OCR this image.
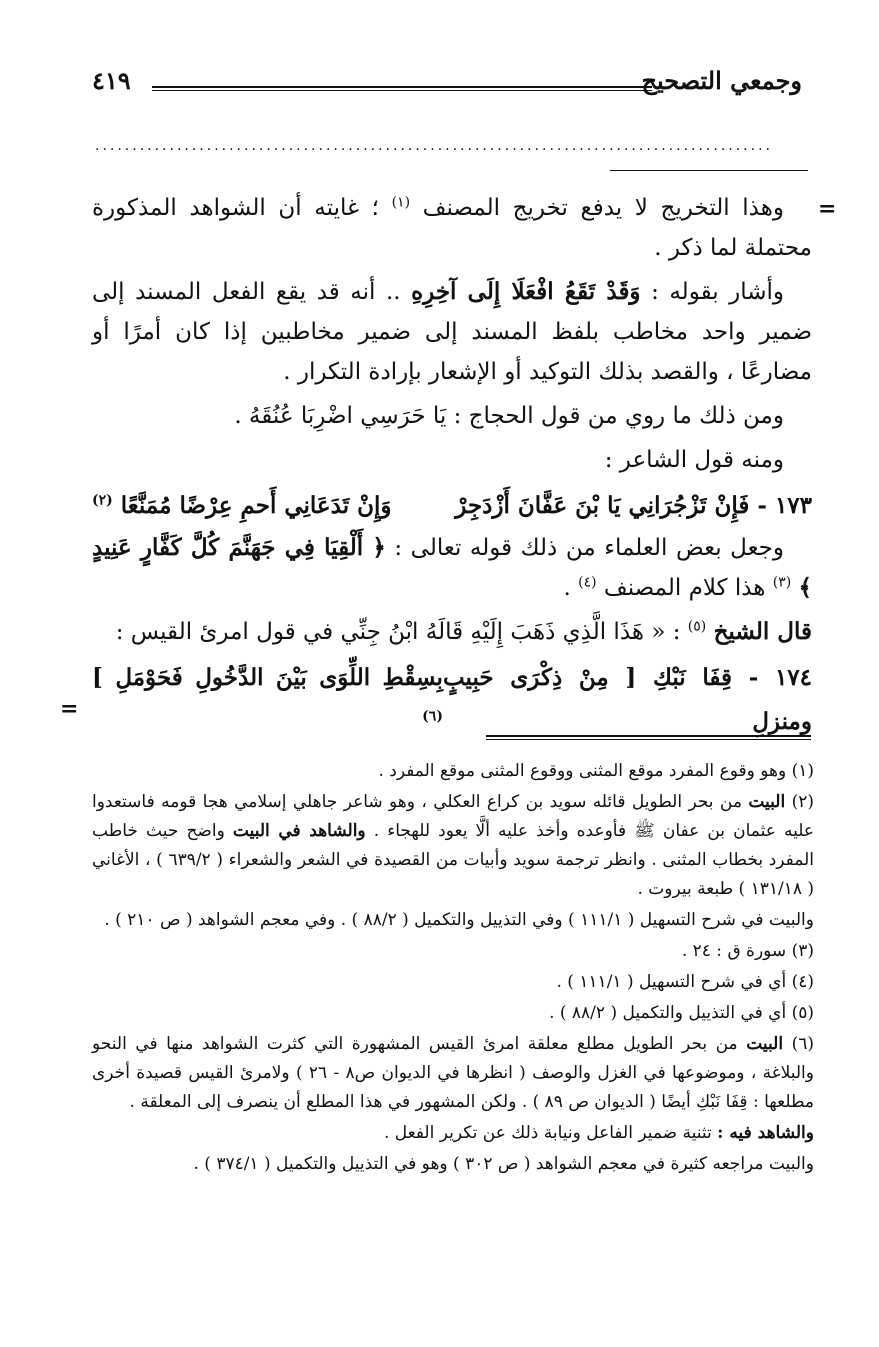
وجمعي التصحيح
٤١٩
...........................................................................................
=

وهذا التخريج لا يدفع تخريج المصنف $^{(١)}$ ؛ غايته أن الشواهد المذكورة محتملة لما ذكر .

وأشار بقوله : وَقَدْ تَقَعُ افْعَلَا إِلَى آخِرِهِ .. أنه قد يقع الفعل المسند إلى ضمير واحد مخاطب بلفظ المسند إلى ضمير مخاطبين إذا كان أمرًا أو مضارعًا ، والقصد بذلك التوكيد أو الإشعار بإرادة التكرار .

ومن ذلك ما روي من قول الحجاج : يَا حَرَسِي اضْرِبَا عُنُقَهُ .

ومنه قول الشاعر :

١٧٣ - فَإِنْ تَزْجُرَانِي يَا بْنَ عَفَّانَ أَزْدَجِرْ
وَإِنْ تَدَعَانِي أَحمِ عِرْضًا مُمَنَّعًا $^{(٢)}$

وجعل بعض العلماء من ذلك قوله تعالى : ﴿ أَلْقِيَا فِي جَهَنَّمَ كُلَّ كَفَّارٍ عَنِيدٍ ﴾ $^{(٣)}$ هذا كلام المصنف $^{(٤)}$ .

قال الشيخ $^{(٥)}$ : « هَذَا الَّذِي ذَهَبَ إِلَيْهِ قَالَهُ ابْنُ جِنِّي في قول امرئ القيس :

١٧٤ - قِفَا نَبْكِ [ مِنْ ذِكْرَى حَبِيبٍ ومنزلِ
بِسِقْطِ اللِّوَى بَيْنَ الدَّخُولِ فَحَوْمَلِ ] $^{(٦)}$
=

(١) وهو وقوع المفرد موقع المثنى ووقوع المثنى موقع المفرد .

(٢) البيت من بحر الطويل قائله سويد بن كراع العكلي ، وهو شاعر جاهلي إسلامي هجا قومه فاستعدوا عليه عثمان بن عفان ﷺ فأوعده وأخذ عليه ألَّا يعود للهجاء . والشاهد في البيت واضح حيث خاطب المفرد بخطاب المثنى . وانظر ترجمة سويد وأبيات من القصيدة في الشعر والشعراء ( ٦٣٩/٢ ) ، الأغاني ( ١٣١/١٨ ) طبعة بيروت .

والبيت في شرح التسهيل ( ١١١/١ ) وفي التذييل والتكميل ( ٨٨/٢ ) . وفي معجم الشواهد ( ص ٢١٠ ) .

(٣) سورة ق : ٢٤ .

(٤) أي في شرح التسهيل ( ١١١/١ ) .

(٥) أي في التذييل والتكميل ( ٨٨/٢ ) .

(٦) البيت من بحر الطويل مطلع معلقة امرئ القيس المشهورة التي كثرت الشواهد منها في النحو والبلاغة ، وموضوعها في الغزل والوصف ( انظرها في الديوان ص٨ - ٢٦ ) ولامرئ القيس قصيدة أخرى مطلعها : قِفَا نَبْكِ أيضًا ( الديوان ص ٨٩ ) . ولكن المشهور في هذا المطلع أن ينصرف إلى المعلقة .

والشاهد فيه : تثنية ضمير الفاعل ونيابة ذلك عن تكرير الفعل .

والبيت مراجعه كثيرة في معجم الشواهد ( ص ٣٠٢ ) وهو في التذييل والتكميل ( ٣٧٤/١ ) .
